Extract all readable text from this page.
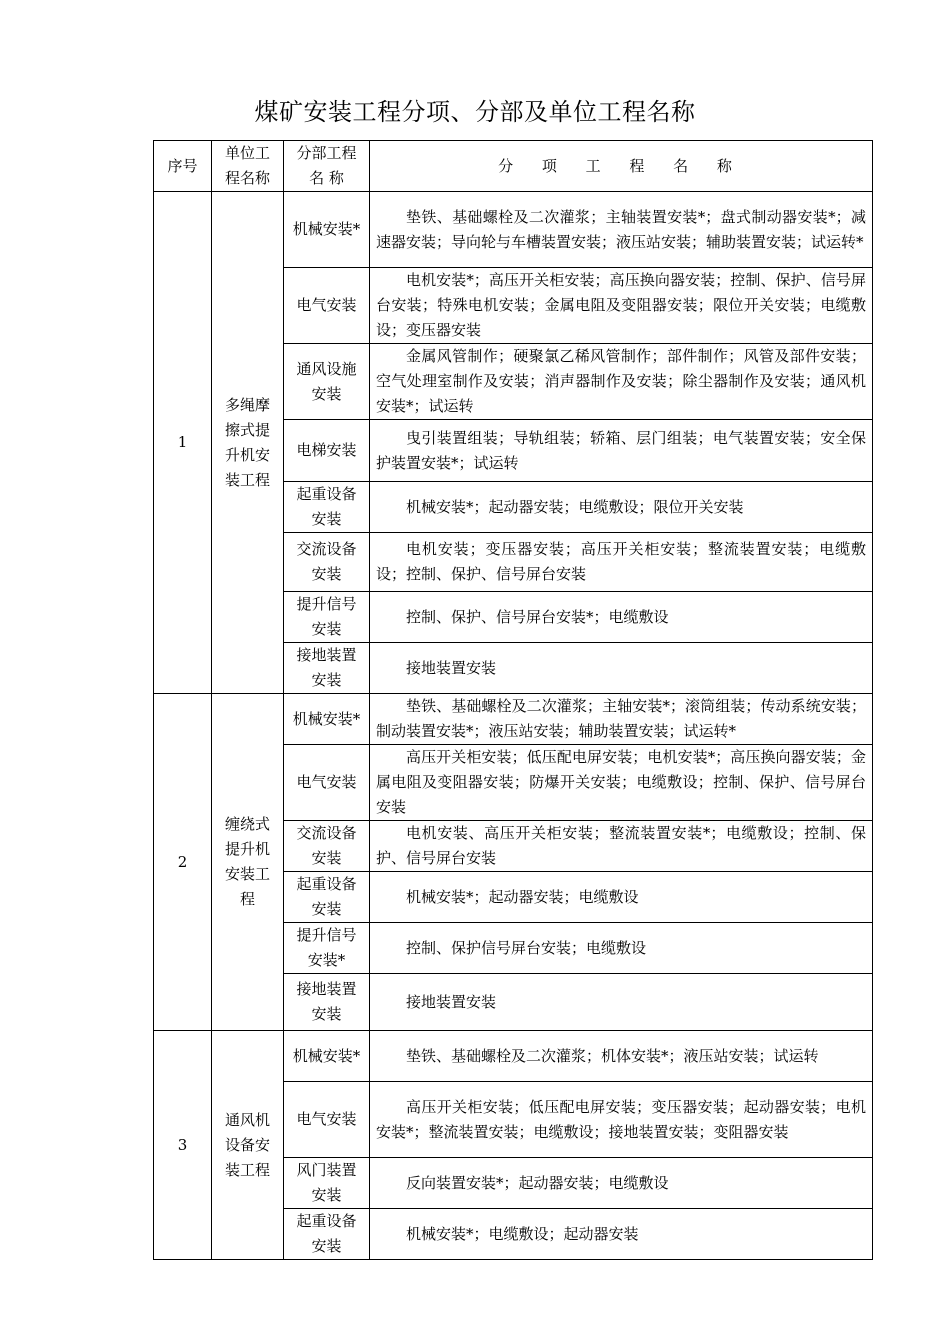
煤矿安装工程分项、分部及单位工程名称
序号	单位工程名称	分部工程 名 称	分 项 工 程 名 称
1	多绳摩擦式提升机安装工程	机械安装*	垫铁、基础螺栓及二次灌浆；主轴装置安装*；盘式制动器安装*；减速器安装；导向轮与车槽装置安装；液压站安装；辅助装置安装；试运转*

		电气安装	电机安装*；高压开关柜安装；高压换向器安装；控制、保护、信号屏台安装；特殊电机安装；金属电阻及变阻器安装；限位开关安装；电缆敷设；变压器安装

		通风设施安装	金属风管制作；硬聚氯乙稀风管制作；部件制作；风管及部件安装；空气处理室制作及安装；消声器制作及安装；除尘器制作及安装；通风机安装*；试运转

		电梯安装	曳引装置组装；导轨组装；轿箱、层门组装；电气装置安装；安全保护装置安装*；试运转

		起重设备安装	机械安装*；起动器安装；电缆敷设；限位开关安装

		交流设备安装	电机安装；变压器安装；高压开关柜安装；整流装置安装；电缆敷设；控制、保护、信号屏台安装

		提升信号安装	控制、保护、信号屏台安装*；电缆敷设

		接地装置安装	接地装置安装

2	缠绕式提升机安装工程	机械安装*	垫铁、基础螺栓及二次灌浆；主轴安装*；滚筒组装；传动系统安装；制动装置安装*；液压站安装；辅助装置安装；试运转*

		电气安装	高压开关柜安装；低压配电屏安装；电机安装*；高压换向器安装；金属电阻及变阻器安装；防爆开关安装；电缆敷设；控制、保护、信号屏台安装

		交流设备安装	电机安装、高压开关柜安装；整流装置安装*；电缆敷设；控制、保护、信号屏台安装

		起重设备安装	机械安装*；起动器安装；电缆敷设

		提升信号安装*	控制、保护信号屏台安装；电缆敷设

		接地装置安装	接地装置安装

3	通风机设备安装工程	机械安装*	垫铁、基础螺栓及二次灌浆；机体安装*；液压站安装；试运转

		电气安装	高压开关柜安装；低压配电屏安装；变压器安装；起动器安装；电机安装*；整流装置安装；电缆敷设；接地装置安装；变阻器安装

		风门装置安装	反向装置安装*；起动器安装；电缆敷设

		起重设备安装	机械安装*；电缆敷设；起动器安装
